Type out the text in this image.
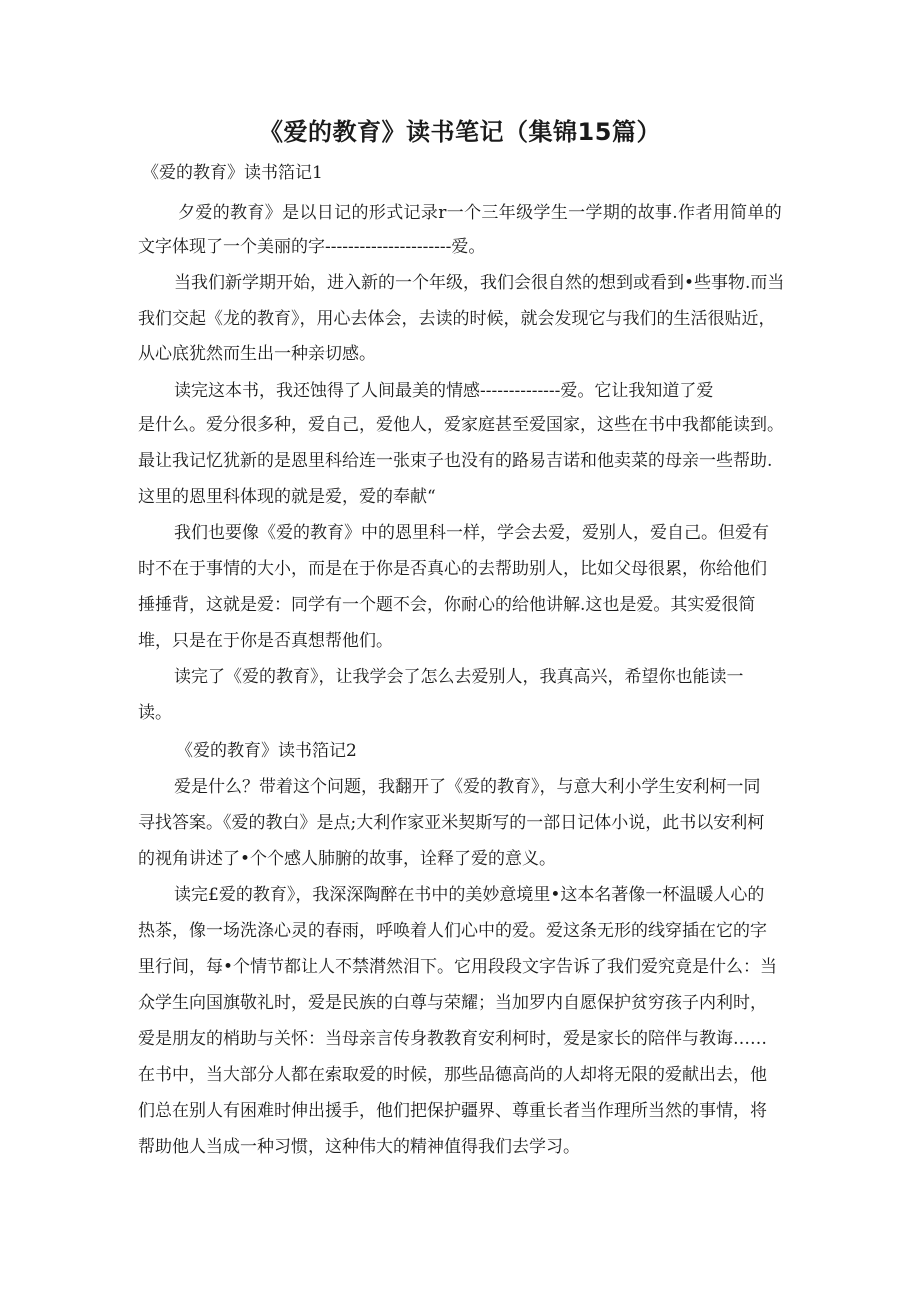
《爱的教育》读书笔记（集锦15篇）
《爱的教育》读书箔记1
夕爱的教育》是以日记的形式记录r一个三年级学生一学期的故事.作者用简单的
文字体现了一个美丽的字----------------------爱。
当我们新学期开始，进入新的一个年级，我们会很自然的想到或看到•些事物.而当
我们交起《龙的教育》，用心去体会，去读的时候，就会发现它与我们的生活很贴近，
从心底犹然而生出一种亲切感。
读完这本书，我还蚀得了人间最美的情感--------------爱。它让我知道了爱
是什么。爱分很多种，爱自己，爱他人，爱家庭甚至爱国家，这些在书中我都能读到。
最让我记忆犹新的是恩里科给连一张束子也没有的路易吉诺和他卖菜的母亲一些帮助.
这里的恩里科体现的就是爱，爱的奉献“
我们也要像《爱的教育》中的恩里科一样，学会去爱，爱别人，爱自己。但爱有
时不在于事情的大小，而是在于你是否真心的去帮助别人，比如父母很累，你给他们
捶捶背，这就是爱：同学有一个题不会，你耐心的给他讲解.这也是爱。其实爱很简
堆，只是在于你是否真想帮他们。
读完了《爱的教育》，让我学会了怎么去爱别人，我真高兴，希望你也能读一
读。
《爱的教育》读书箔记2
爱是什么？带着这个问题，我翻开了《爱的教育》，与意大利小学生安利柯一同
寻找答案。《爱的教白》是点;大利作家亚米契斯写的一部日记体小说，此书以安利柯
的视角讲述了•个个感人肺腑的故事，诠释了爱的意义。
读完£爱的教育》，我深深陶醉在书中的美妙意境里•这本名著像一杯温暖人心的
热茶，像一场洗涤心灵的春雨，呼唤着人们心中的爱。爱这条无形的线穿插在它的字
里行间，每•个情节都让人不禁潸然泪下。它用段段文字告诉了我们爱究竟是什么：当
众学生向国旗敬礼时，爱是民族的白尊与荣耀；当加罗内自愿保护贫穷孩子内利时，
爱是朋友的梢助与关怀：当母亲言传身教教育安利柯时，爱是家长的陪伴与教诲……
在书中，当大部分人都在索取爱的时候，那些品德高尚的人却将无限的爱献出去，他
们总在别人有困难时伸出援手，他们把保护疆界、尊重长者当作理所当然的事情，将
帮助他人当成一种习惯，这种伟大的精神值得我们去学习。
